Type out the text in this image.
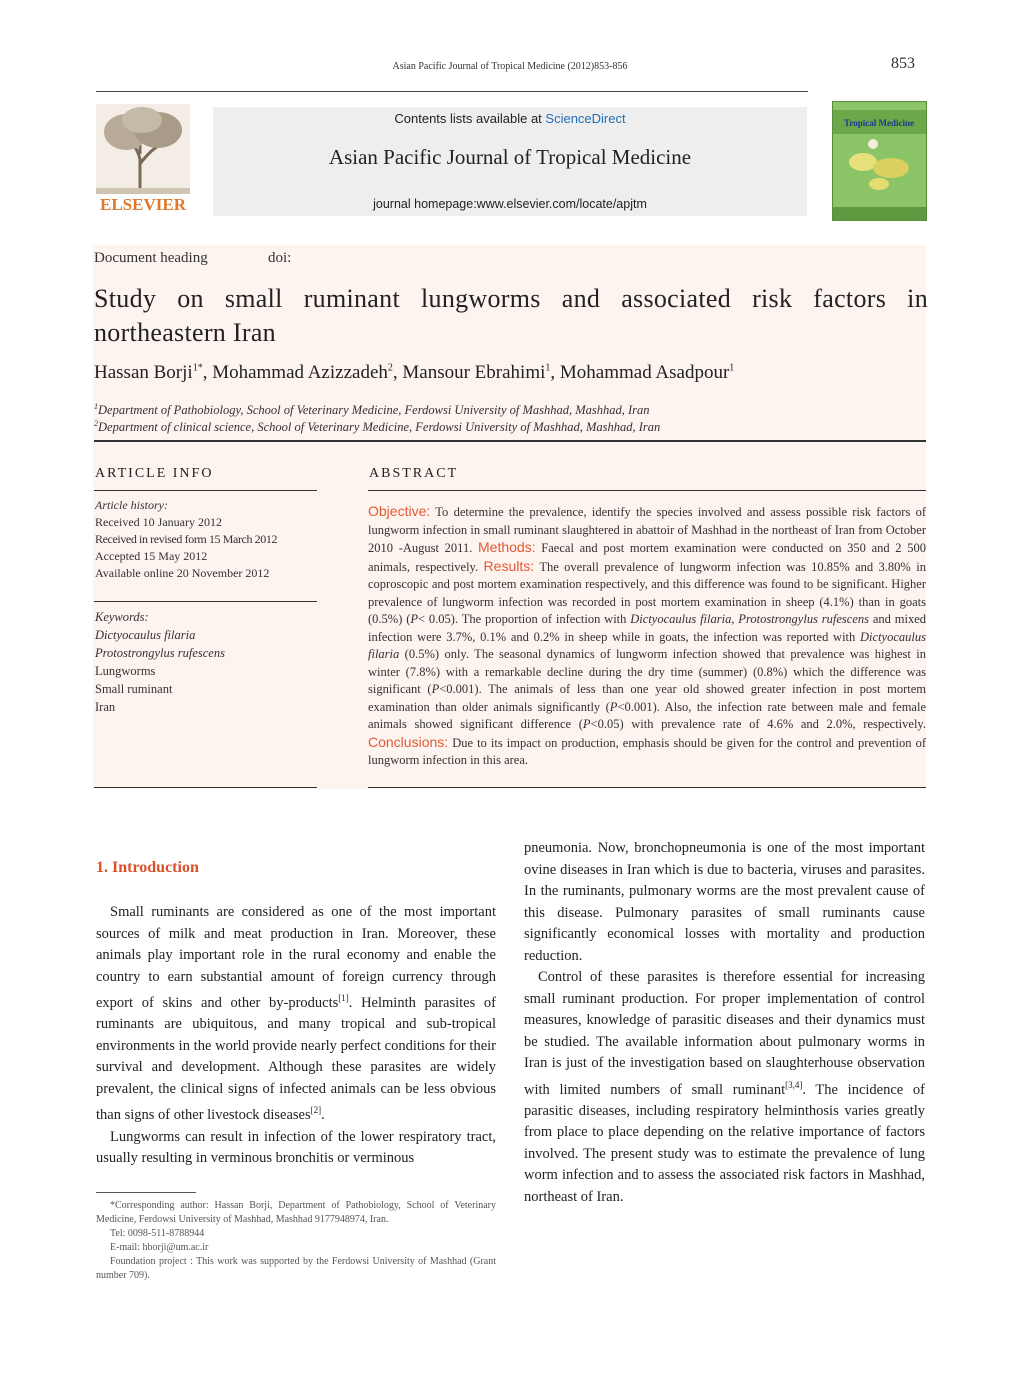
Asian Pacific Journal of Tropical Medicine (2012)853-856	853
ELSEVIER
Contents lists available at ScienceDirect
Asian Pacific Journal of Tropical Medicine
journal homepage:www.elsevier.com/locate/apjtm
Tropical Medicine
Document heading	doi:
Study on small ruminant lungworms and associated risk factors in northeastern Iran
Hassan Borji$^{1*}$, Mohammad Azizzadeh$^2$, Mansour Ebrahimi$^1$, Mohammad Asadpour$^1$
$^1$Department of Pathobiology, School of Veterinary Medicine, Ferdowsi University of Mashhad, Mashhad, Iran
$^2$Department of clinical science, School of Veterinary Medicine, Ferdowsi University of Mashhad, Mashhad, Iran
ARTICLE INFO	ABSTRACT
Article history:
Received 10 January 2012
Received in revised form 15 March 2012
Accepted 15 May 2012
Available online 20 November 2012
Keywords:
Dictyocaulus filaria
Protostrongylus rufescens
Lungworms
Small ruminant
Iran
Objective: To determine the prevalence, identify the species involved and assess possible risk factors of lungworm infection in small ruminant slaughtered in abattoir of Mashhad in the northeast of Iran from October 2010 -August 2011. Methods: Faecal and post mortem examination were conducted on 350 and 2 500 animals, respectively. Results: The overall prevalence of lungworm infection was 10.85% and 3.80% in coproscopic and post mortem examination respectively, and this difference was found to be significant. Higher prevalence of lungworm infection was recorded in post mortem examination in sheep (4.1%) than in goats (0.5%) (P< 0.05). The proportion of infection with Dictyocaulus filaria, Protostrongylus rufescens and mixed infection were 3.7%, 0.1% and 0.2% in sheep while in goats, the infection was reported with Dictyocaulus filaria (0.5%) only. The seasonal dynamics of lungworm infection showed that prevalence was highest in winter (7.8%) with a remarkable decline during the dry time (summer) (0.8%) which the difference was significant (P<0.001). The animals of less than one year old showed greater infection in post mortem examination than older animals significantly (P<0.001). Also, the infection rate between male and female animals showed significant difference (P<0.05) with prevalence rate of 4.6% and 2.0%, respectively. Conclusions: Due to its impact on production, emphasis should be given for the control and prevention of lungworm infection in this area.
1. Introduction

Small ruminants are considered as one of the most important sources of milk and meat production in Iran. Moreover, these animals play important role in the rural economy and enable the country to earn substantial amount of foreign currency through export of skins and other by-products[1]. Helminth parasites of ruminants are ubiquitous, and many tropical and sub-tropical environments in the world provide nearly perfect conditions for their survival and development. Although these parasites are widely prevalent, the clinical signs of infected animals can be less obvious than signs of other livestock diseases[2].

Lungworms can result in infection of the lower respiratory tract, usually resulting in verminous bronchitis or verminous

*Corresponding author: Hassan Borji, Department of Pathobiology, School of Veterinary Medicine, Ferdowsi University of Mashhad, Mashhad 9177948974, Iran.

Tel: 0098-511-8788944

E-mail: hborji@um.ac.ir

Foundation project : This work was supported by the Ferdowsi University of Mashhad (Grant number 709).

pneumonia. Now, bronchopneumonia is one of the most important ovine diseases in Iran which is due to bacteria, viruses and parasites. In the ruminants, pulmonary worms are the most prevalent cause of this disease. Pulmonary parasites of small ruminants cause significantly economical losses with mortality and production reduction.

Control of these parasites is therefore essential for increasing small ruminant production. For proper implementation of control measures, knowledge of parasitic diseases and their dynamics must be studied. The available information about pulmonary worms in Iran is just of the investigation based on slaughterhouse observation with limited numbers of small ruminant[3,4]. The incidence of parasitic diseases, including respiratory helminthosis varies greatly from place to place depending on the relative importance of factors involved. The present study was to estimate the prevalence of lung worm infection and to assess the associated risk factors in Mashhad, northeast of Iran.
